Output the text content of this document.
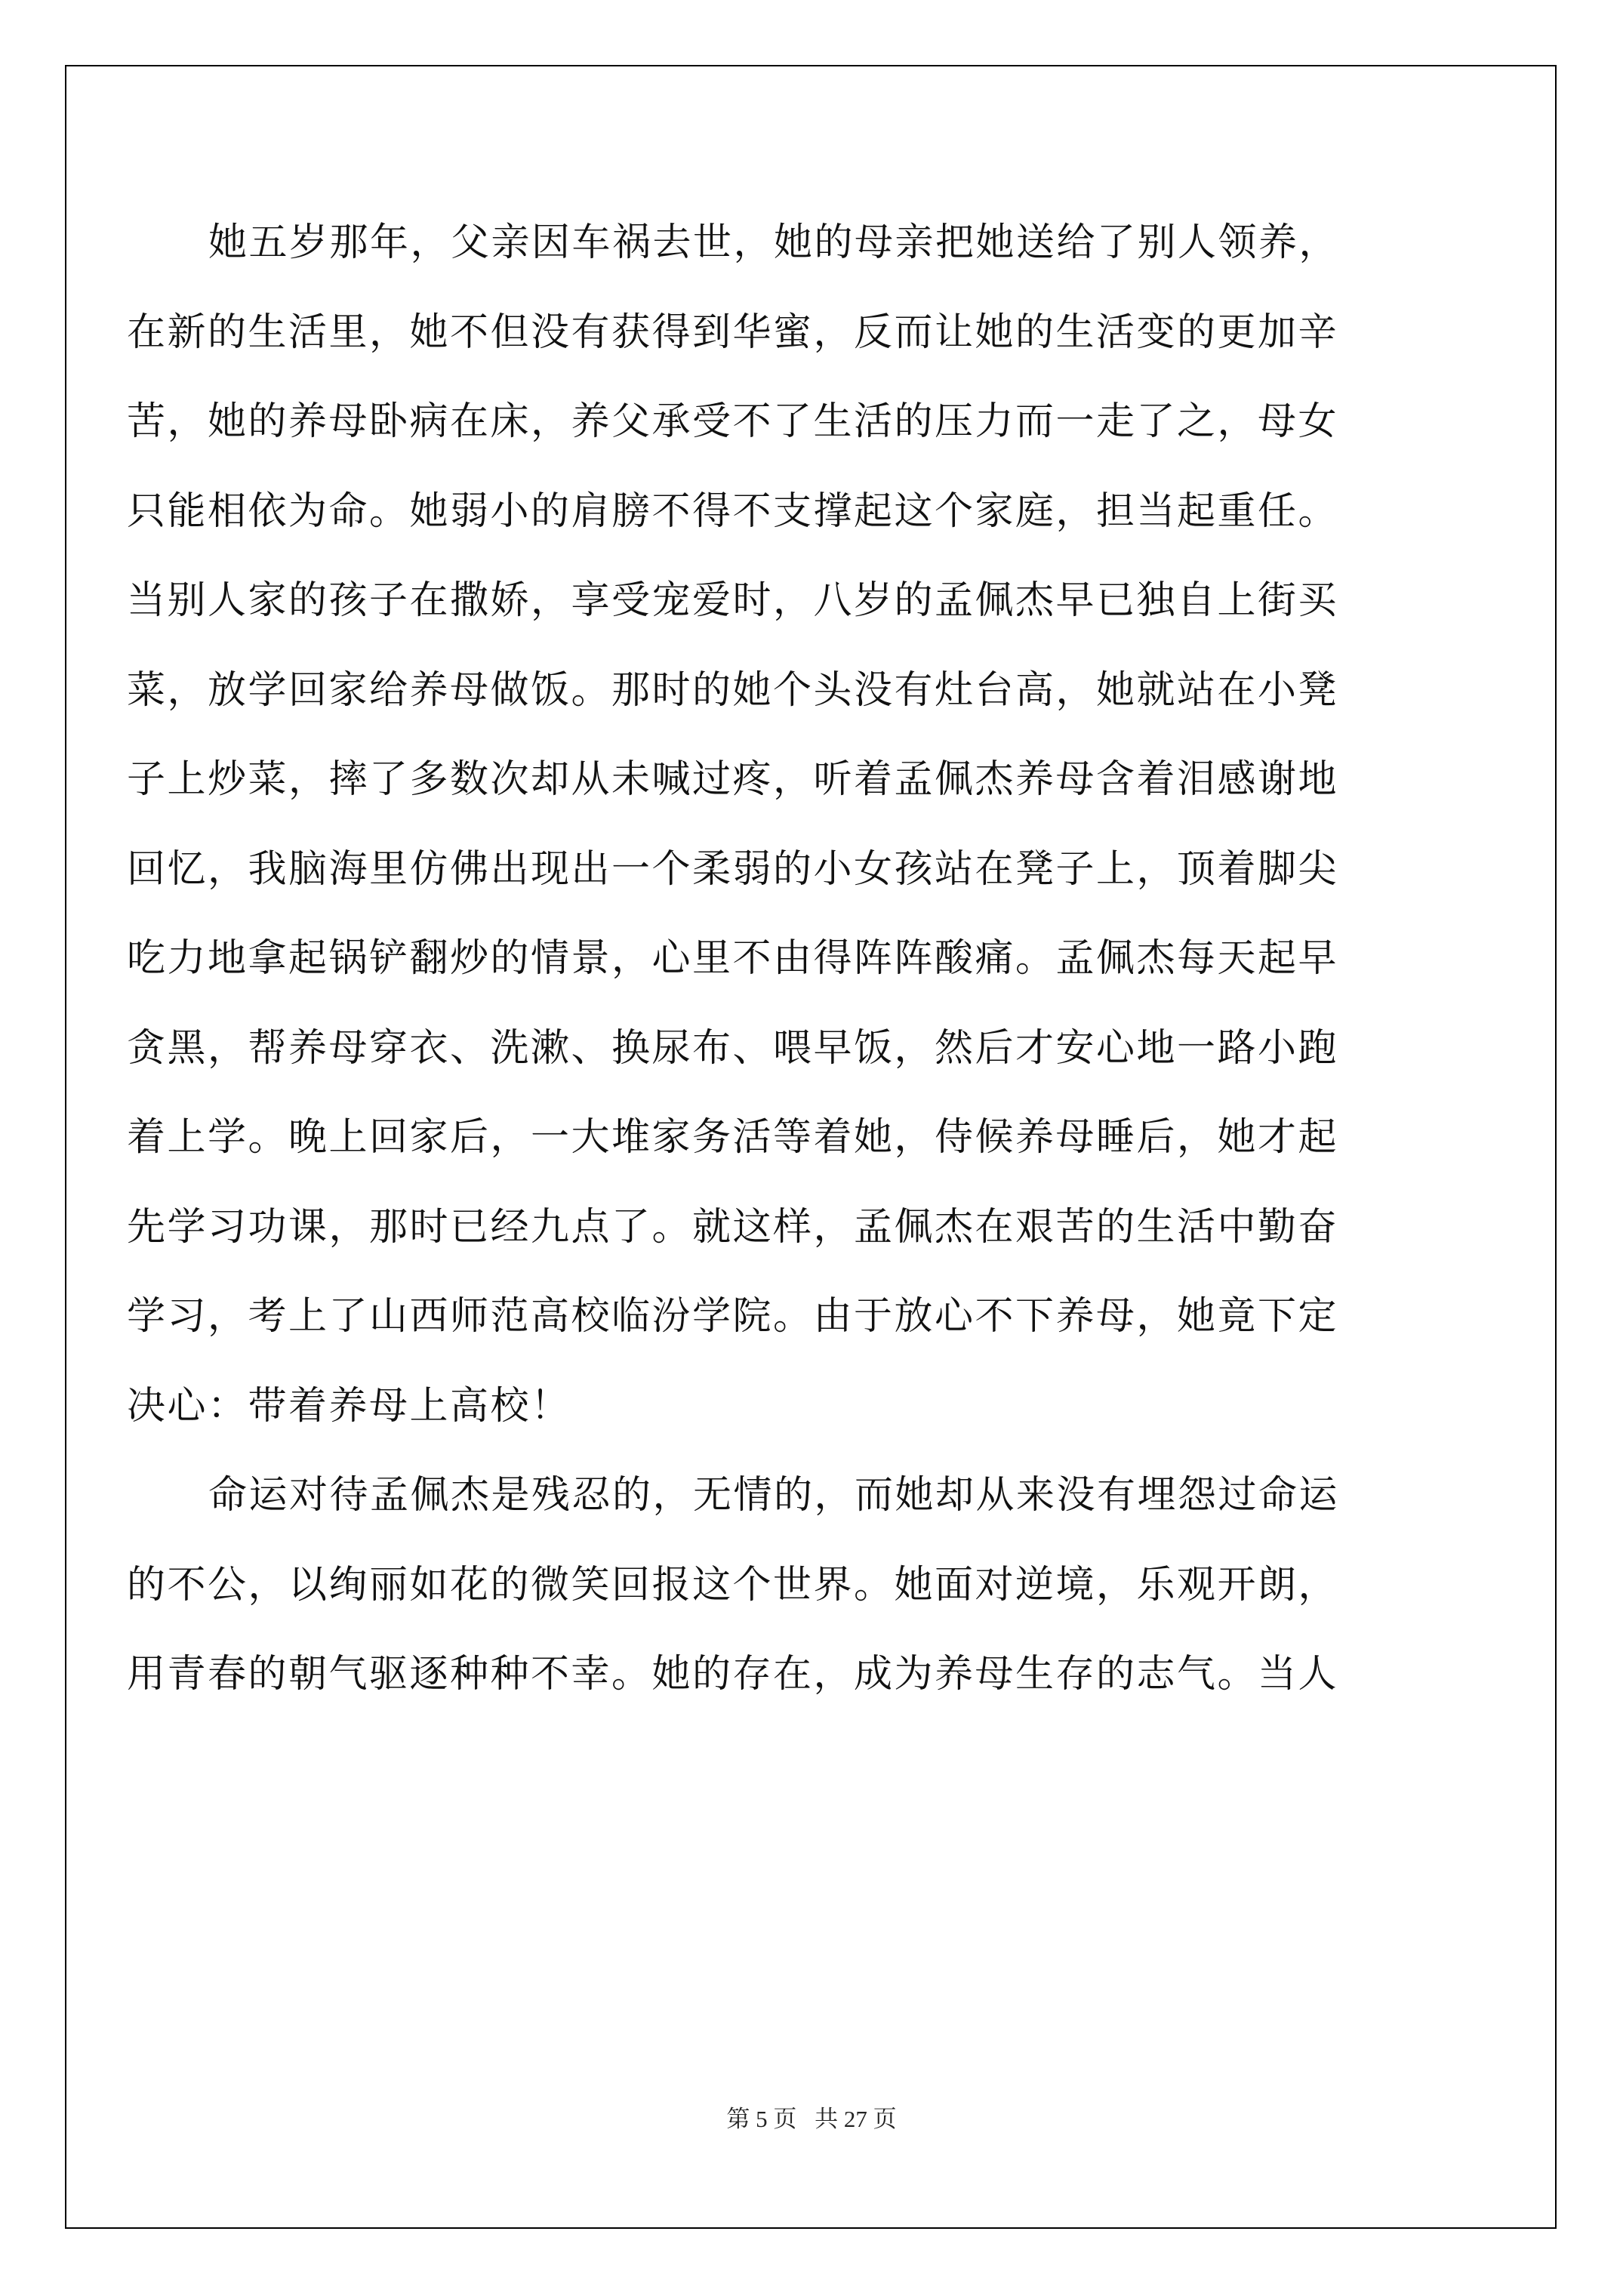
她五岁那年，父亲因车祸去世，她的母亲把她送给了别人领养，
在新的生活里，她不但没有获得到华蜜，反而让她的生活变的更加辛
苦，她的养母卧病在床，养父承受不了生活的压力而一走了之，母女
只能相依为命。她弱小的肩膀不得不支撑起这个家庭，担当起重任。
当别人家的孩子在撒娇，享受宠爱时，八岁的孟佩杰早已独自上街买
菜，放学回家给养母做饭。那时的她个头没有灶台高，她就站在小凳
子上炒菜，摔了多数次却从未喊过疼，听着孟佩杰养母含着泪感谢地
回忆，我脑海里仿佛出现出一个柔弱的小女孩站在凳子上，顶着脚尖
吃力地拿起锅铲翻炒的情景，心里不由得阵阵酸痛。孟佩杰每天起早
贪黑，帮养母穿衣、洗漱、换尿布、喂早饭，然后才安心地一路小跑
着上学。晚上回家后，一大堆家务活等着她，侍候养母睡后，她才起
先学习功课，那时已经九点了。就这样，孟佩杰在艰苦的生活中勤奋
学习，考上了山西师范高校临汾学院。由于放心不下养母，她竟下定
决心：带着养母上高校！
命运对待孟佩杰是残忍的，无情的，而她却从来没有埋怨过命运
的不公，以绚丽如花的微笑回报这个世界。她面对逆境，乐观开朗，
用青春的朝气驱逐种种不幸。她的存在，成为养母生存的志气。当人
第 5 页 共 27 页
